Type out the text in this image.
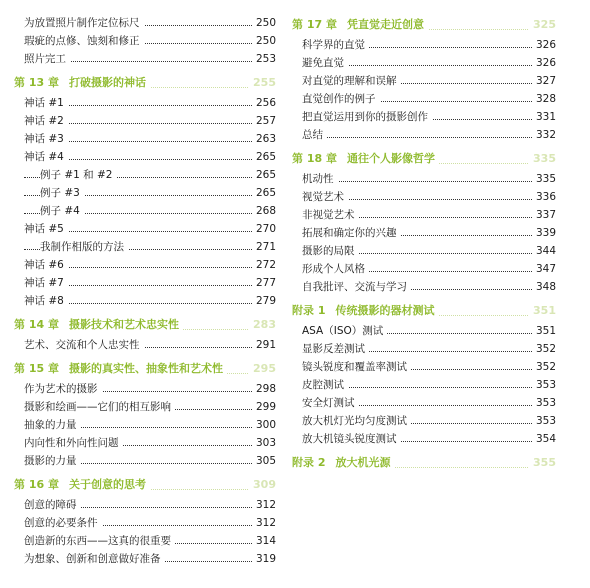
为放置照片制作定位标尺	250
瑕疵的点修、蚀刻和修正	250
照片完工	253
第 13 章 打破摄影的神话	255
神话 #1	256
神话 #2	257
神话 #3	263
神话 #4	265
例子 #1 和 #2	265
例子 #3	265
例子 #4	268
神话 #5	270
我制作相版的方法	271
神话 #6	272
神话 #7	277
神话 #8	279
第 14 章 摄影技术和艺术忠实性	283
艺术、交流和个人忠实性	291
第 15 章 摄影的真实性、抽象性和艺术性	295
作为艺术的摄影	298
摄影和绘画——它们的相互影响	299
抽象的力量	300
内向性和外向性问题	303
摄影的力量	305
第 16 章 关于创意的思考	309
创意的障碍	312
创意的必要条件	312
创造新的东西——这真的很重要	314
为想象、创新和创意做好准备	319
第 17 章 凭直觉走近创意	325
科学界的直觉	326
避免直觉	326
对直觉的理解和误解	327
直觉创作的例子	328
把直觉运用到你的摄影创作	331
总结	332
第 18 章 通往个人影像哲学	335
机动性	335
视觉艺术	336
非视觉艺术	337
拓展和确定你的兴趣	339
摄影的局限	344
形成个人风格	347
自我批评、交流与学习	348
附录 1 传统摄影的器材测试	351
ASA（ISO）测试	351
显影反差测试	352
镜头锐度和覆盖率测试	352
皮腔测试	353
安全灯测试	353
放大机灯光均匀度测试	353
放大机镜头锐度测试	354
附录 2 放大机光源	355
